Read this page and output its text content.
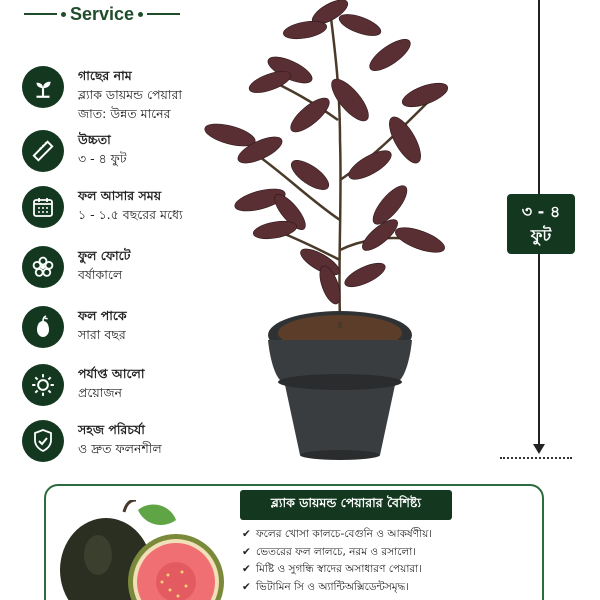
Service
গাছের নাম
ব্ল্যাক ডায়মন্ড পেয়ারা
জাত: উন্নত মানের
উচ্চতা
৩ - ৪ ফুট
ফল আসার সময়
১ - ১.৫ বছরের মধ্যে
ফুল ফোটে
বর্ষাকালে
ফল পাকে
সারা বছর
পর্যাপ্ত আলো
প্রয়োজন
সহজ পরিচর্যা
ও দ্রুত ফলনশীল
৩ - ৪
ফুট
ব্ল্যাক ডায়মন্ড পেয়ারার বৈশিষ্ট্য
✔ ফলের খোসা কালচে-বেগুনি ও আকর্ষণীয়।
✔ ভেতরের ফল লালচে, নরম ও রসালো।
✔ মিষ্টি ও সুগন্ধি স্বাদের অসাধারণ পেয়ারা।
✔ ভিটামিন সি ও অ্যান্টিঅক্সিডেন্টসমৃদ্ধ।
